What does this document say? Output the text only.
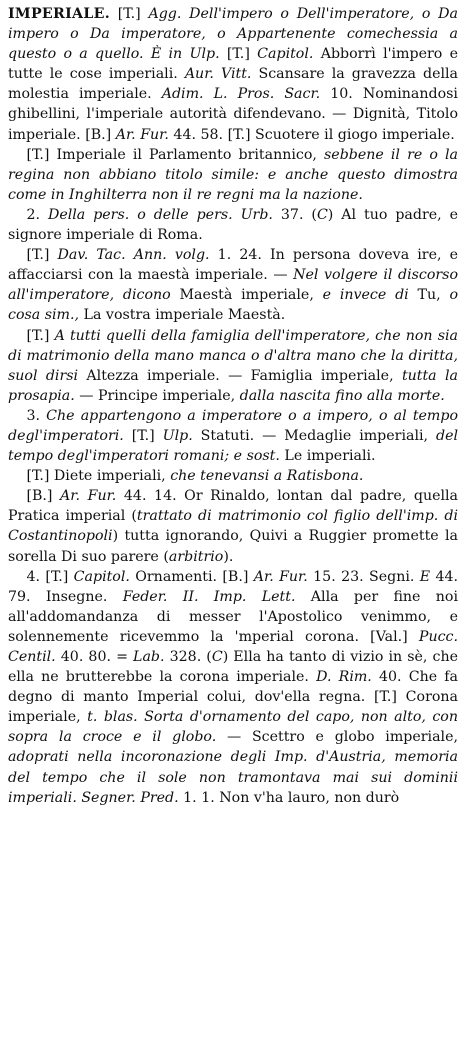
IMPERIALE. [T.] Agg. Dell'impero o Dell'imperatore, o Da impero o Da imperatore, o Appartenente comechessia a questo o a quello. È in Ulp. [T.] Capitol. Abborrì l'impero e tutte le cose imperiali. Aur. Vitt. Scansare la gravezza della molestia imperiale. Adim. L. Pros. Sacr. 10. Nominandosi ghibellini, l'imperiale autorità difendevano. — Dignità, Titolo imperiale. [B.] Ar. Fur. 44. 58. [T.] Scuotere il giogo imperiale.

[T.] Imperiale il Parlamento britannico, sebbene il re o la regina non abbiano titolo simile: e anche questo dimostra come in Inghilterra non il re regni ma la nazione.

2. Della pers. o delle pers. Urb. 37. (C) Al tuo padre, e signore imperiale di Roma.

[T.] Dav. Tac. Ann. volg. 1. 24. In persona doveva ire, e affacciarsi con la maestà imperiale. — Nel volgere il discorso all'imperatore, dicono Maestà imperiale, e invece di Tu, o cosa sim., La vostra imperiale Maestà.

[T.] A tutti quelli della famiglia dell'imperatore, che non sia di matrimonio della mano manca o d'altra mano che la diritta, suol dirsi Altezza imperiale. — Famiglia imperiale, tutta la prosapia. — Principe imperiale, dalla nascita fino alla morte.

3. Che appartengono a imperatore o a impero, o al tempo degl'imperatori. [T.] Ulp. Statuti. — Medaglie imperiali, del tempo degl'imperatori romani; e sost. Le imperiali.

[T.] Diete imperiali, che tenevansi a Ratisbona.

[B.] Ar. Fur. 44. 14. Or Rinaldo, lontan dal padre, quella Pratica imperial (trattato di matrimonio col figlio dell'imp. di Costantinopoli) tutta ignorando, Quivi a Ruggier promette la sorella Di suo parere (arbitrio).

4. [T.] Capitol. Ornamenti. [B.] Ar. Fur. 15. 23. Segni. E 44. 79. Insegne. Feder. II. Imp. Lett. Alla per fine noi all'addomandanza di messer l'Apostolico venimmo, e solennemente ricevemmo la 'mperial corona. [Val.] Pucc. Centil. 40. 80. = Lab. 328. (C) Ella ha tanto di vizio in sè, che ella ne brutterebbe la corona imperiale. D. Rim. 40. Che fa degno di manto Imperial colui, dov'ella regna. [T.] Corona imperiale, t. blas. Sorta d'ornamento del capo, non alto, con sopra la croce e il globo. — Scettro e globo imperiale, adoprati nella incoronazione degli Imp. d'Austria, memoria del tempo che il sole non tramontava mai sui dominii imperiali. Segner. Pred. 1. 1. Non v'ha lauro, non durò
